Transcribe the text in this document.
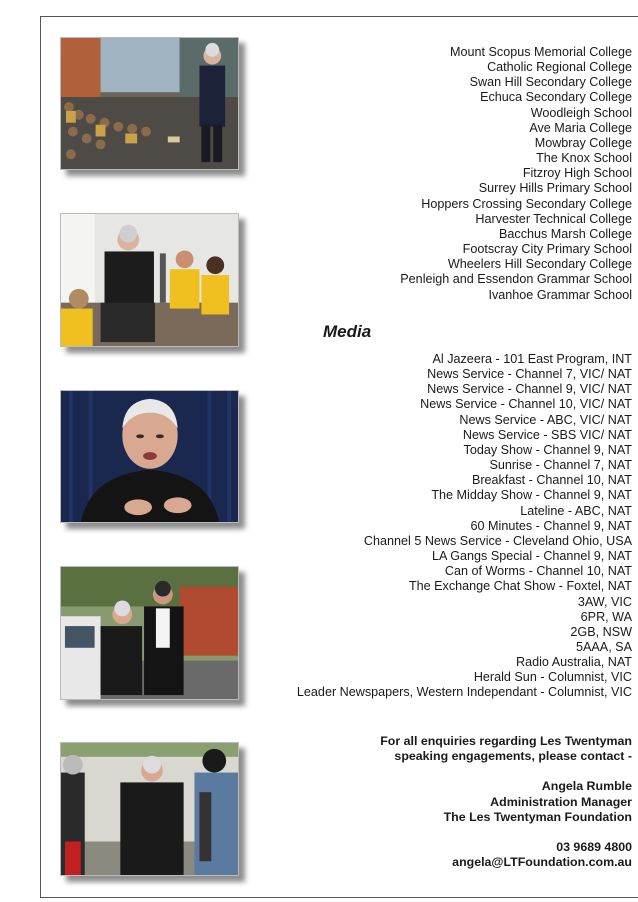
Mount Scopus Memorial College
Catholic Regional College
Swan Hill Secondary College
Echuca Secondary College
Woodleigh School
Ave Maria College
Mowbray College
The Knox School
Fitzroy High School
Surrey Hills Primary School
Hoppers Crossing Secondary College
Harvester Technical College
Bacchus Marsh College
Footscray City Primary School
Wheelers Hill Secondary College
Penleigh and Essendon Grammar School
Ivanhoe Grammar School
Media
Al Jazeera - 101 East Program, INT
News Service - Channel 7, VIC/ NAT
News Service - Channel 9, VIC/ NAT
News Service - Channel 10, VIC/ NAT
News Service - ABC, VIC/ NAT
News Service - SBS VIC/ NAT
Today Show - Channel 9, NAT
Sunrise - Channel 7, NAT
Breakfast - Channel 10, NAT
The Midday Show - Channel 9, NAT
Lateline - ABC, NAT
60 Minutes - Channel 9, NAT
Channel 5 News Service - Cleveland Ohio, USA
LA Gangs Special - Channel 9, NAT
Can of Worms - Channel 10, NAT
The Exchange Chat Show - Foxtel, NAT
3AW, VIC
6PR, WA
2GB, NSW
5AAA, SA
Radio Australia, NAT
Herald Sun - Columnist, VIC
Leader Newspapers, Western Independant - Columnist, VIC
For all enquiries regarding Les Twentyman
speaking engagements, please contact -
Angela Rumble
Administration Manager
The Les Twentyman Foundation
03 9689 4800
angela@LTFoundation.com.au
